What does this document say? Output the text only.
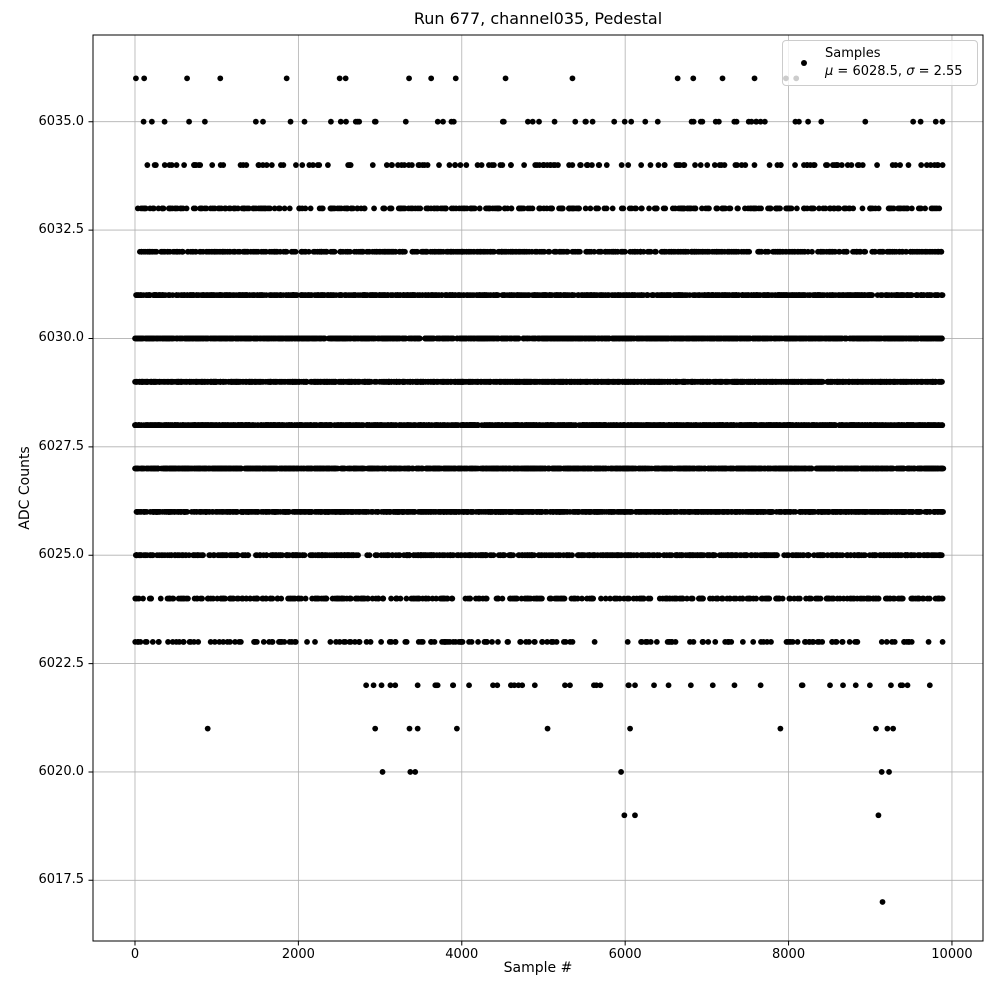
Run 677, channel035, Pedestal
Sample #
ADC Counts
Samples
μ = 6028.5, σ = 2.55
0	2000	4000	6000	8000	10000
6017.5
6020.0
6022.5
6025.0
6027.5
6030.0
6032.5
6035.0
